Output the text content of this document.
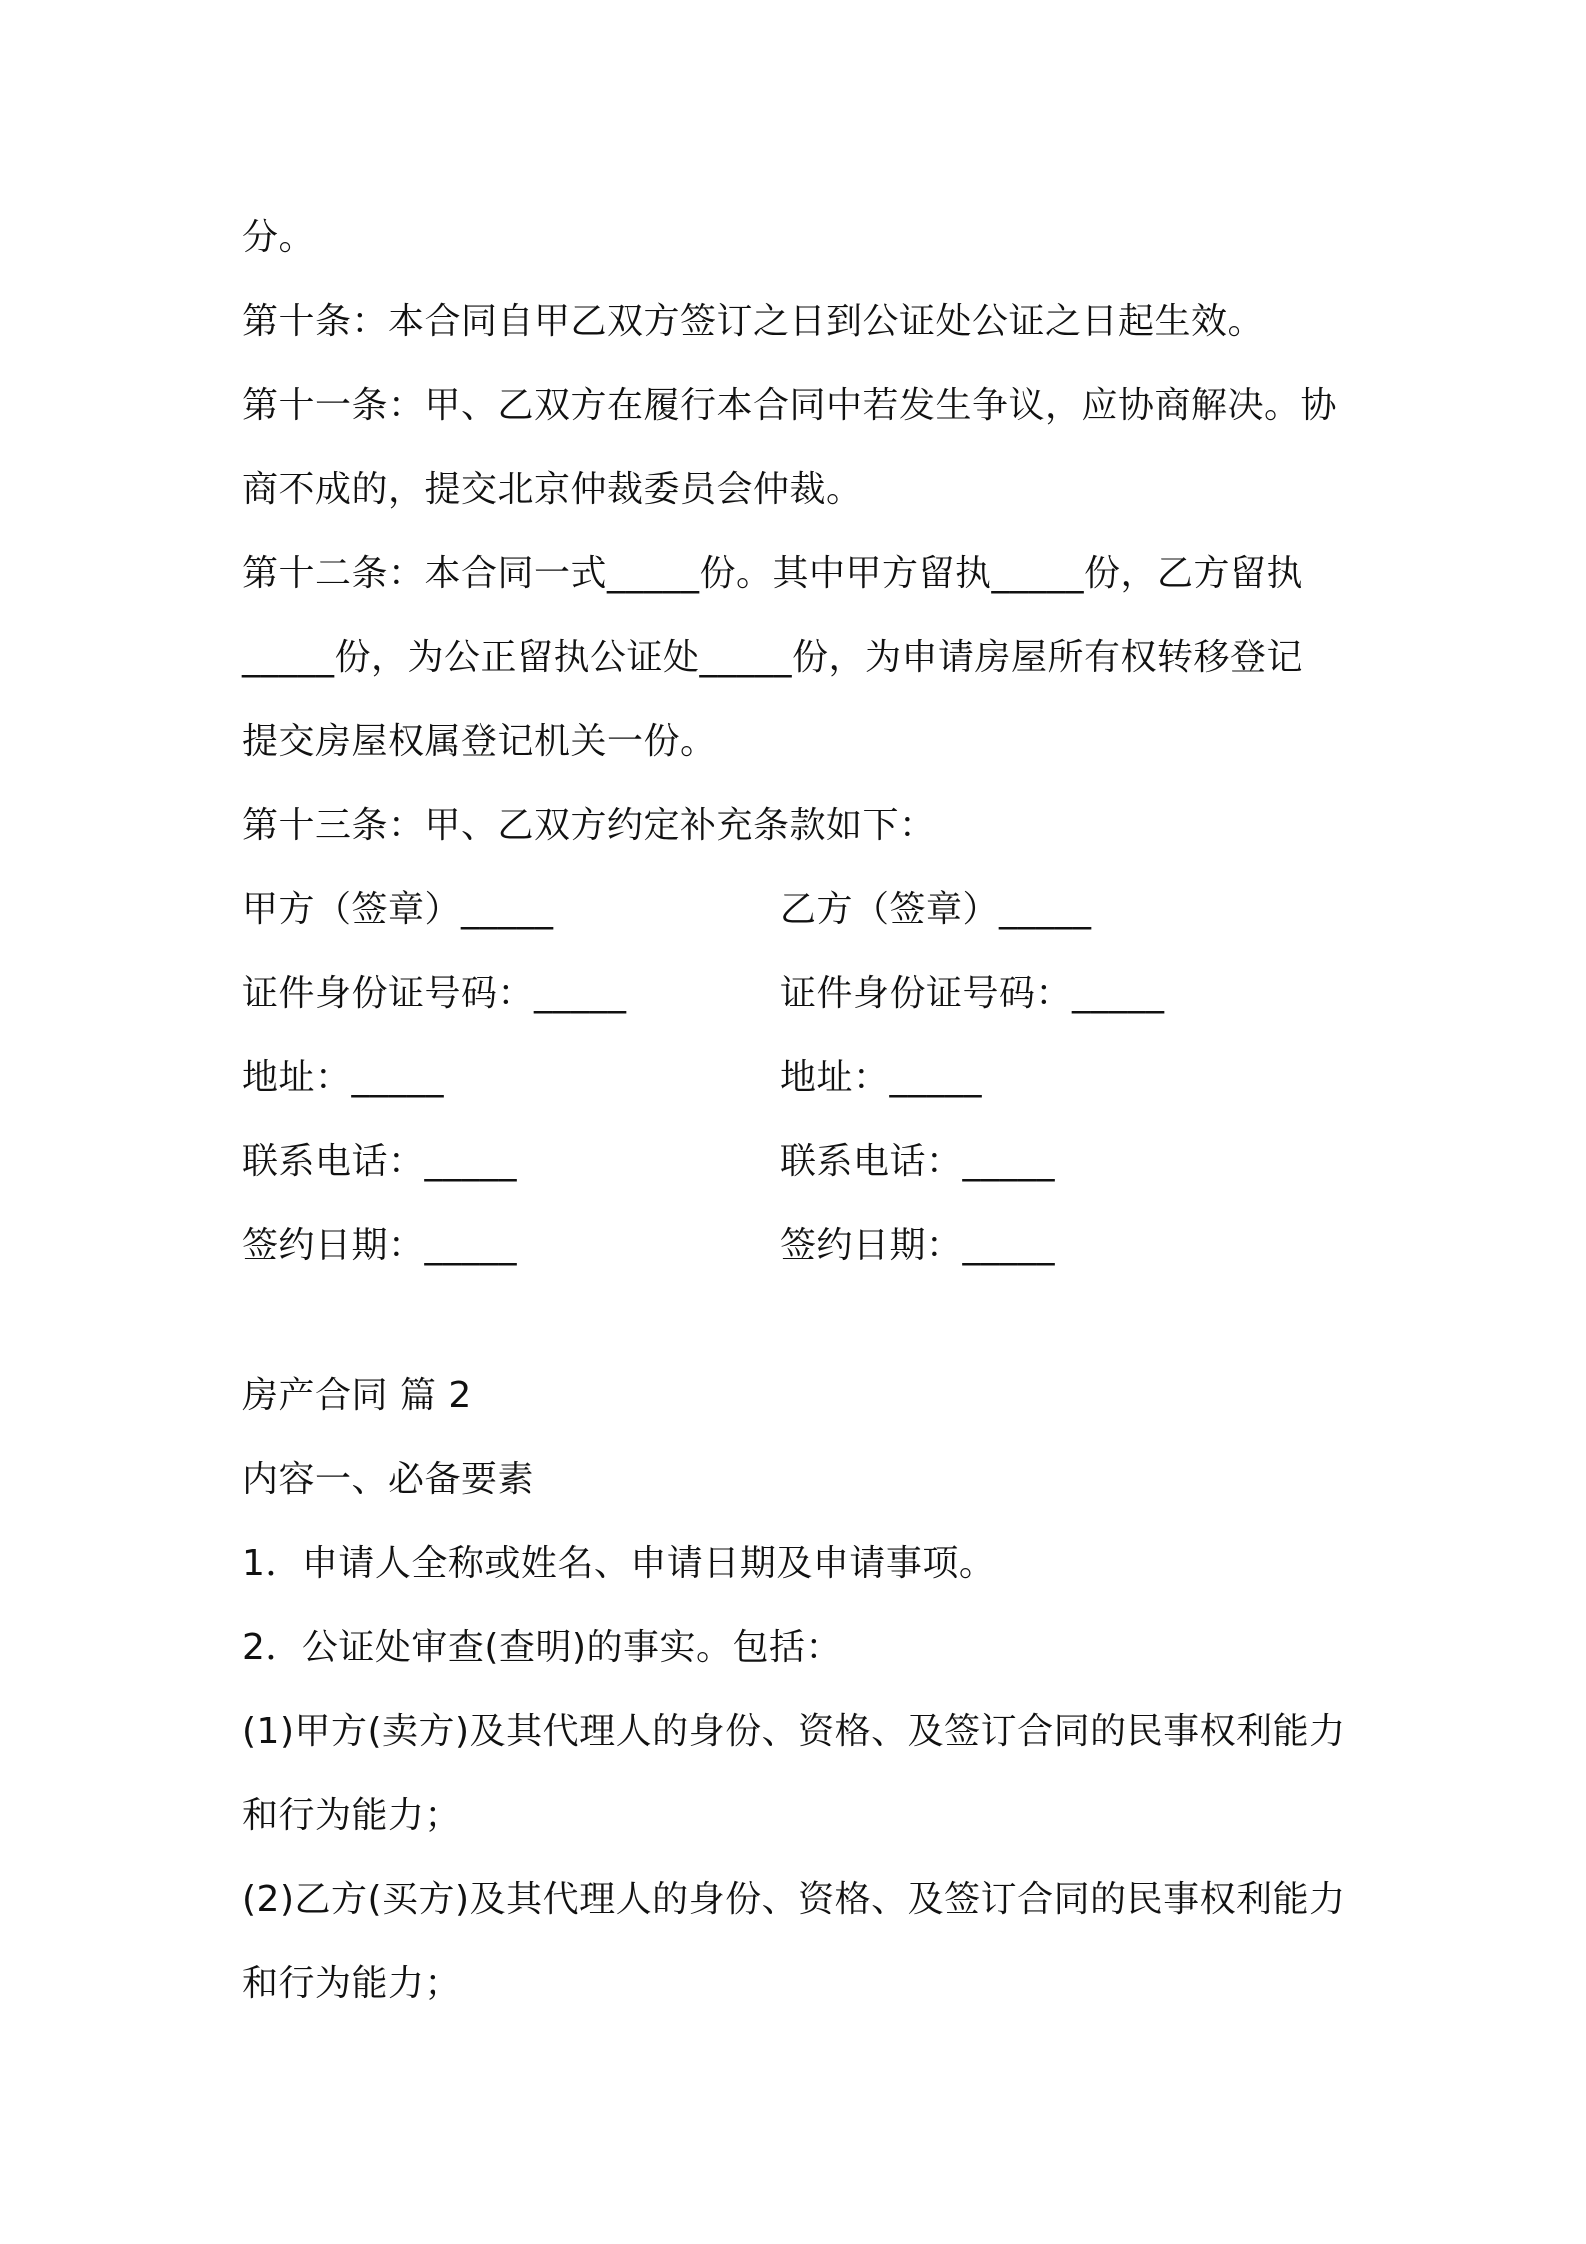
分。
第十条：本合同自甲乙双方签订之日到公证处公证之日起生效。
第十一条：甲、乙双方在履行本合同中若发生争议，应协商解决。协
商不成的，提交北京仲裁委员会仲裁。
第十二条：本合同一式_____份。其中甲方留执_____份，乙方留执
_____份，为公正留执公证处_____份，为申请房屋所有权转移登记
提交房屋权属登记机关一份。
第十三条：甲、乙双方约定补充条款如下：
甲方（签章）_____	乙方（签章）_____
证件身份证号码：_____	证件身份证号码：_____
地址：_____	地址：_____
联系电话：_____	联系电话：_____
签约日期：_____	签约日期：_____
房产合同 篇 2
内容一、必备要素
1．申请人全称或姓名、申请日期及申请事项。
2．公证处审查(查明)的事实。包括：
(1)甲方(卖方)及其代理人的身份、资格、及签订合同的民事权利能力
和行为能力；
(2)乙方(买方)及其代理人的身份、资格、及签订合同的民事权利能力
和行为能力；
